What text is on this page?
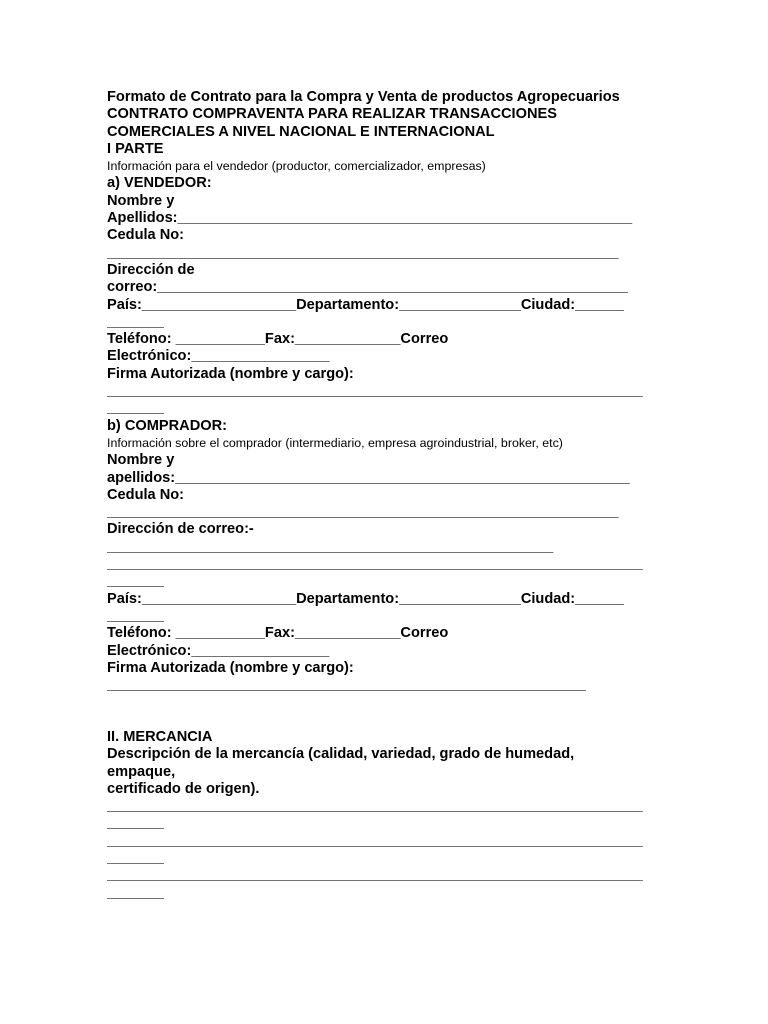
Formato de Contrato para la Compra y Venta de productos Agropecuarios
CONTRATO COMPRAVENTA PARA REALIZAR TRANSACCIONES
COMERCIALES A NIVEL NACIONAL E INTERNACIONAL
I PARTE
Información para el vendedor (productor, comercializador, empresas)
a) VENDEDOR:
Nombre y
Apellidos:________________________________________________________
Cedula No:
_______________________________________________________________
Dirección de
correo:__________________________________________________________
País:___________________Departamento:_______________Ciudad:______
_______
Teléfono: ___________Fax:_____________Correo
Electrónico:_________________
Firma Autorizada (nombre y cargo):
__________________________________________________________________
_______
b) COMPRADOR:
Información sobre el comprador (intermediario, empresa agroindustrial, broker, etc)
Nombre y
apellidos:________________________________________________________
Cedula No:
_______________________________________________________________
Dirección de correo:-
_______________________________________________________
__________________________________________________________________
_______
País:___________________Departamento:_______________Ciudad:______
_______
Teléfono: ___________Fax:_____________Correo
Electrónico:_________________
Firma Autorizada (nombre y cargo):
___________________________________________________________
II. MERCANCIA
Descripción de la mercancía (calidad, variedad, grado de humedad,
empaque,
certificado de origen).
__________________________________________________________________
_______
__________________________________________________________________
_______
__________________________________________________________________
_______
